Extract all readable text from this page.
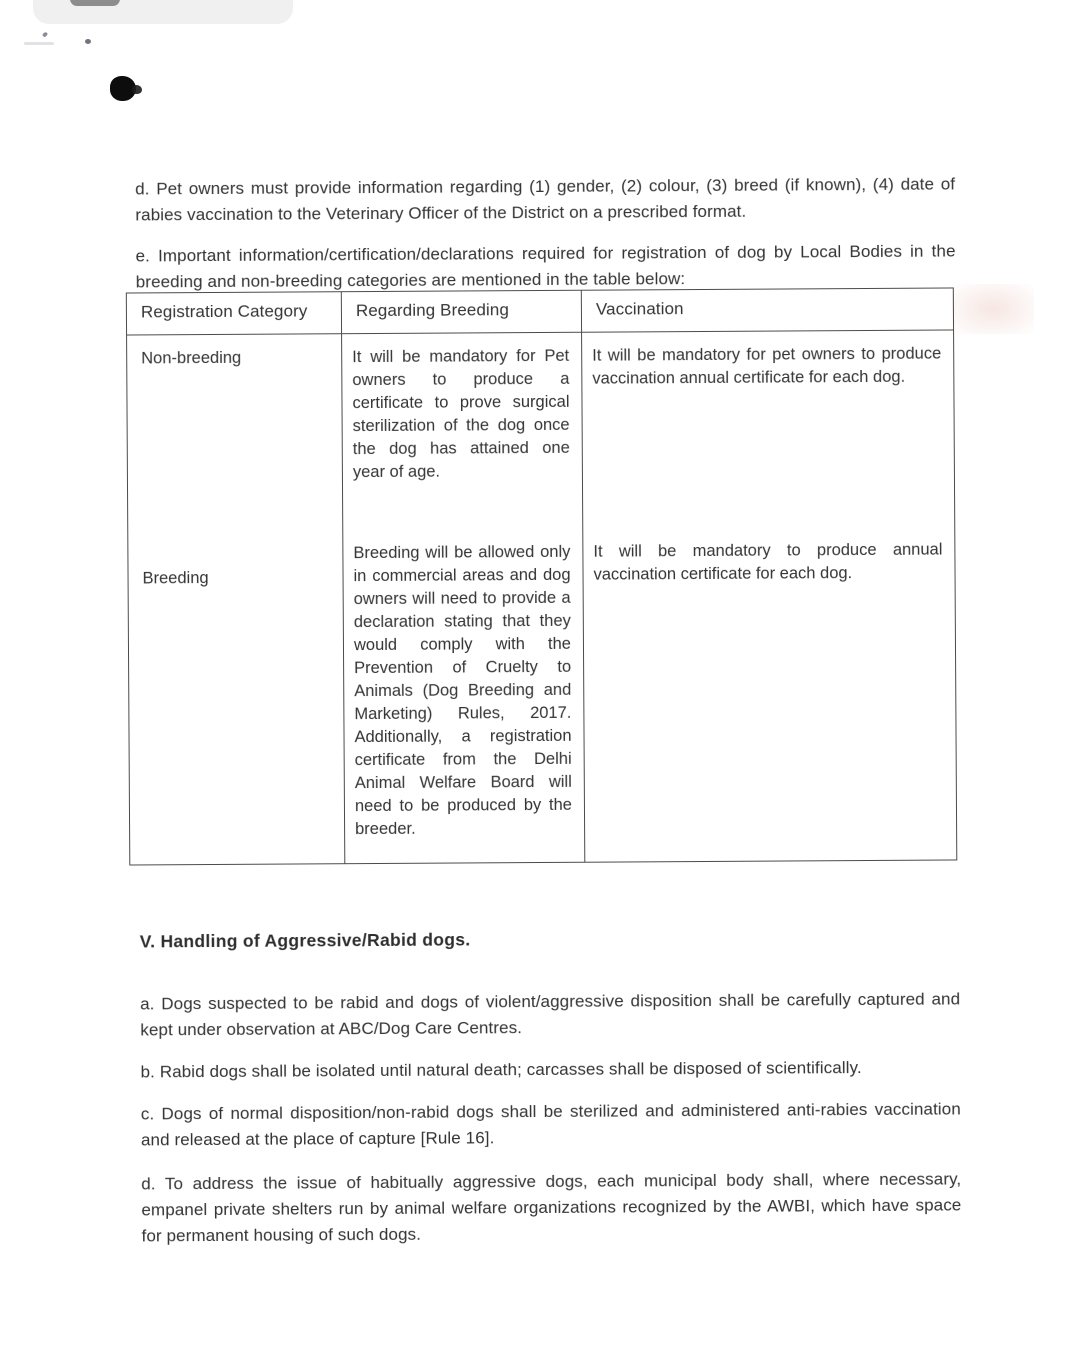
d. Pet owners must provide information regarding (1) gender, (2) colour, (3) breed (if known), (4) date of rabies vaccination to the Veterinary Officer of the District on a prescribed format.

e. Important information/certification/declarations required for registration of dog by Local Bodies in the breeding and non-breeding categories are mentioned in the table below:

Registration Category	Regarding Breeding	Vaccination
Non-breeding	It will be mandatory for Pet owners to produce a certificate to prove surgical sterilization of the dog once the dog has attained one year of age.	It will be mandatory for pet owners to produce vaccination annual certificate for each dog.
Breeding	Breeding will be allowed only in commercial areas and dog owners will need to provide a declaration stating that they would comply with the Prevention of Cruelty to Animals (Dog Breeding and Marketing) Rules, 2017. Additionally, a registration certificate from the Delhi Animal Welfare Board will need to be produced by the breeder.	It will be mandatory to produce annual vaccination certificate for each dog.
V. Handling of Aggressive/Rabid dogs.

a. Dogs suspected to be rabid and dogs of violent/aggressive disposition shall be carefully captured and kept under observation at ABC/Dog Care Centres.

b. Rabid dogs shall be isolated until natural death; carcasses shall be disposed of scientifically.

c. Dogs of normal disposition/non-rabid dogs shall be sterilized and administered anti-rabies vaccination and released at the place of capture [Rule 16].

d. To address the issue of habitually aggressive dogs, each municipal body shall, where necessary, empanel private shelters run by animal welfare organizations recognized by the AWBI, which have space for permanent housing of such dogs.
